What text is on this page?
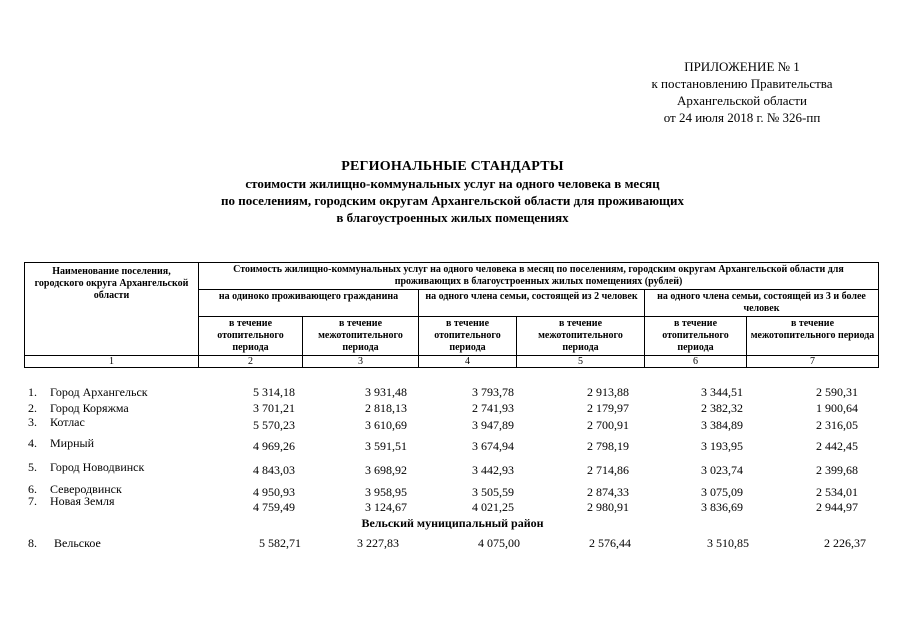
ПРИЛОЖЕНИЕ № 1
к постановлению Правительства
Архангельской области
от 24 июля 2018 г. № 326-пп
РЕГИОНАЛЬНЫЕ СТАНДАРТЫ
стоимости жилищно-коммунальных услуг на одного человека в месяц
по поселениям, городским округам Архангельской области для проживающих
в благоустроенных жилых помещениях
Наименование поселения, городского округа Архангельской области	Стоимость жилищно-коммунальных услуг на одного человека в месяц по поселениям, городским округам Архангельской области для проживающих в благоустроенных жилых помещениях (рублей)					
	на одиноко проживающего гражданина		на одного члена семьи, состоящей из 2 человек		на одного члена семьи, состоящей из 3 и более человек	
	в течение отопительного периода	в течение межотопительного периода	в течение отопительного периода	в течение межотопительного периода	в течение отопительного периода	в течение межотопительного периода
1	2	3	4	5	6	7
1. Город Архангельск	5 314,18	3 931,48	3 793,78	2 913,88	3 344,51	2 590,31
2. Город Коряжма	3 701,21	2 818,13	2 741,93	2 179,97	2 382,32	1 900,64
3. Котлас	5 570,23	3 610,69	3 947,89	2 700,91	3 384,89	2 316,05
4. Мирный	4 969,26	3 591,51	3 674,94	2 798,19	3 193,95	2 442,45
5. Город Новодвинск	4 843,03	3 698,92	3 442,93	2 714,86	3 023,74	2 399,68
6. Северодвинск	4 950,93	3 958,95	3 505,59	2 874,33	3 075,09	2 534,01
7. Новая Земля	4 759,49	3 124,67	4 021,25	2 980,91	3 836,69	2 944,97
Вельский муниципальный район
8. Вельское	5 582,71	3 227,83	4 075,00	2 576,44	3 510,85	2 226,37
